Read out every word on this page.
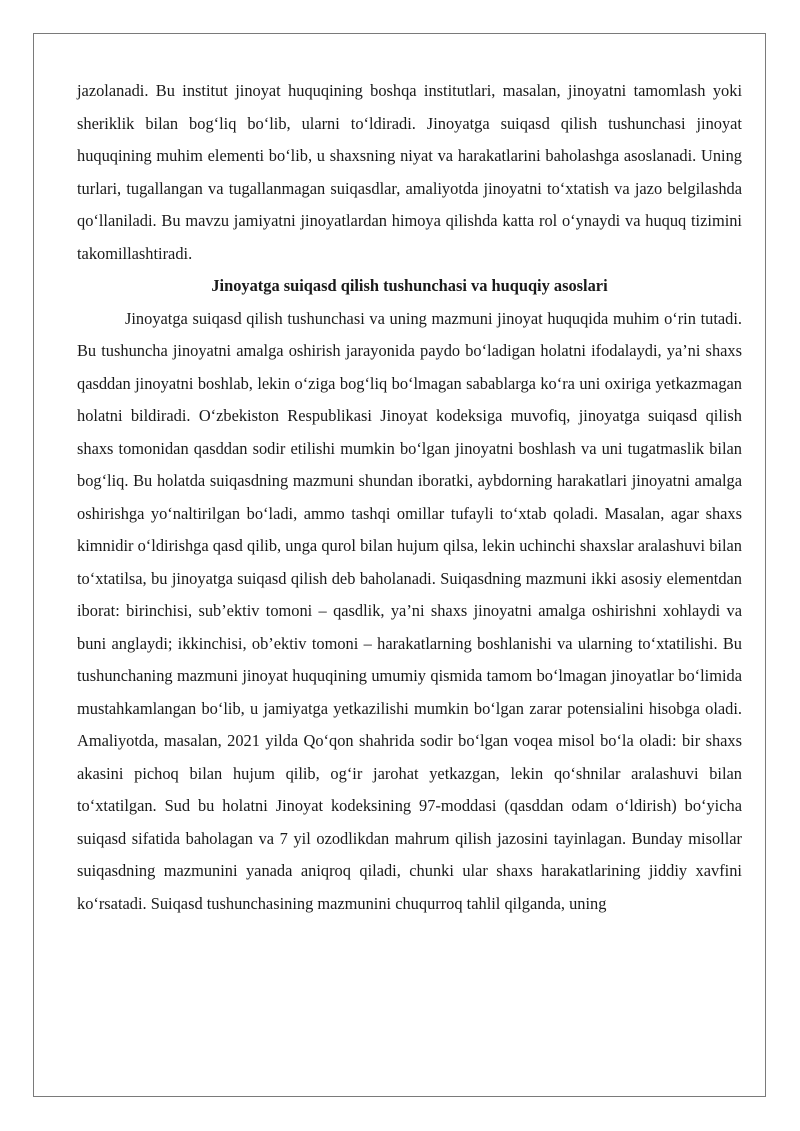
jazolanadi. Bu institut jinoyat huquqining boshqa institutlari, masalan, jinoyatni tamomlash yoki sheriklik bilan bog‘liq bo‘lib, ularni to‘ldiradi. Jinoyatga suiqasd qilish tushunchasi jinoyat huquqining muhim elementi bo‘lib, u shaxsning niyat va harakatlarini baholashga asoslanadi. Uning turlari, tugallangan va tugallanmagan suiqasdlar, amaliyotda jinoyatni to‘xtatish va jazo belgilashda qo‘llaniladi. Bu mavzu jamiyatni jinoyatlardan himoya qilishda katta rol o‘ynaydi va huquq tizimini takomillashtiradi.

Jinoyatga suiqasd qilish tushunchasi va huquqiy asoslari

Jinoyatga suiqasd qilish tushunchasi va uning mazmuni jinoyat huquqida muhim o‘rin tutadi. Bu tushuncha jinoyatni amalga oshirish jarayonida paydo bo‘ladigan holatni ifodalaydi, ya’ni shaxs qasddan jinoyatni boshlab, lekin o‘ziga bog‘liq bo‘lmagan sabablarga ko‘ra uni oxiriga yetkazmagan holatni bildiradi. O‘zbekiston Respublikasi Jinoyat kodeksiga muvofiq, jinoyatga suiqasd qilish shaxs tomonidan qasddan sodir etilishi mumkin bo‘lgan jinoyatni boshlash va uni tugatmaslik bilan bog‘liq. Bu holatda suiqasdning mazmuni shundan iboratki, aybdorning harakatlari jinoyatni amalga oshirishga yo‘naltirilgan bo‘ladi, ammo tashqi omillar tufayli to‘xtab qoladi. Masalan, agar shaxs kimnidir o‘ldirishga qasd qilib, unga qurol bilan hujum qilsa, lekin uchinchi shaxslar aralashuvi bilan to‘xtatilsa, bu jinoyatga suiqasd qilish deb baholanadi. Suiqasdning mazmuni ikki asosiy elementdan iborat: birinchisi, sub’ektiv tomoni – qasdlik, ya’ni shaxs jinoyatni amalga oshirishni xohlaydi va buni anglaydi; ikkinchisi, ob’ektiv tomoni – harakatlarning boshlanishi va ularning to‘xtatilishi. Bu tushunchaning mazmuni jinoyat huquqining umumiy qismida tamom bo‘lmagan jinoyatlar bo‘limida mustahkamlangan bo‘lib, u jamiyatga yetkazilishi mumkin bo‘lgan zarar potensialini hisobga oladi. Amaliyotda, masalan, 2021 yilda Qo‘qon shahrida sodir bo‘lgan voqea misol bo‘la oladi: bir shaxs akasini pichoq bilan hujum qilib, og‘ir jarohat yetkazgan, lekin qo‘shnilar aralashuvi bilan to‘xtatilgan. Sud bu holatni Jinoyat kodeksining 97-moddasi (qasddan odam o‘ldirish) bo‘yicha suiqasd sifatida baholagan va 7 yil ozodlikdan mahrum qilish jazosini tayinlagan. Bunday misollar suiqasdning mazmunini yanada aniqroq qiladi, chunki ular shaxs harakatlarining jiddiy xavfini ko‘rsatadi. Suiqasd tushunchasining mazmunini chuqurroq tahlil qilganda, uning
